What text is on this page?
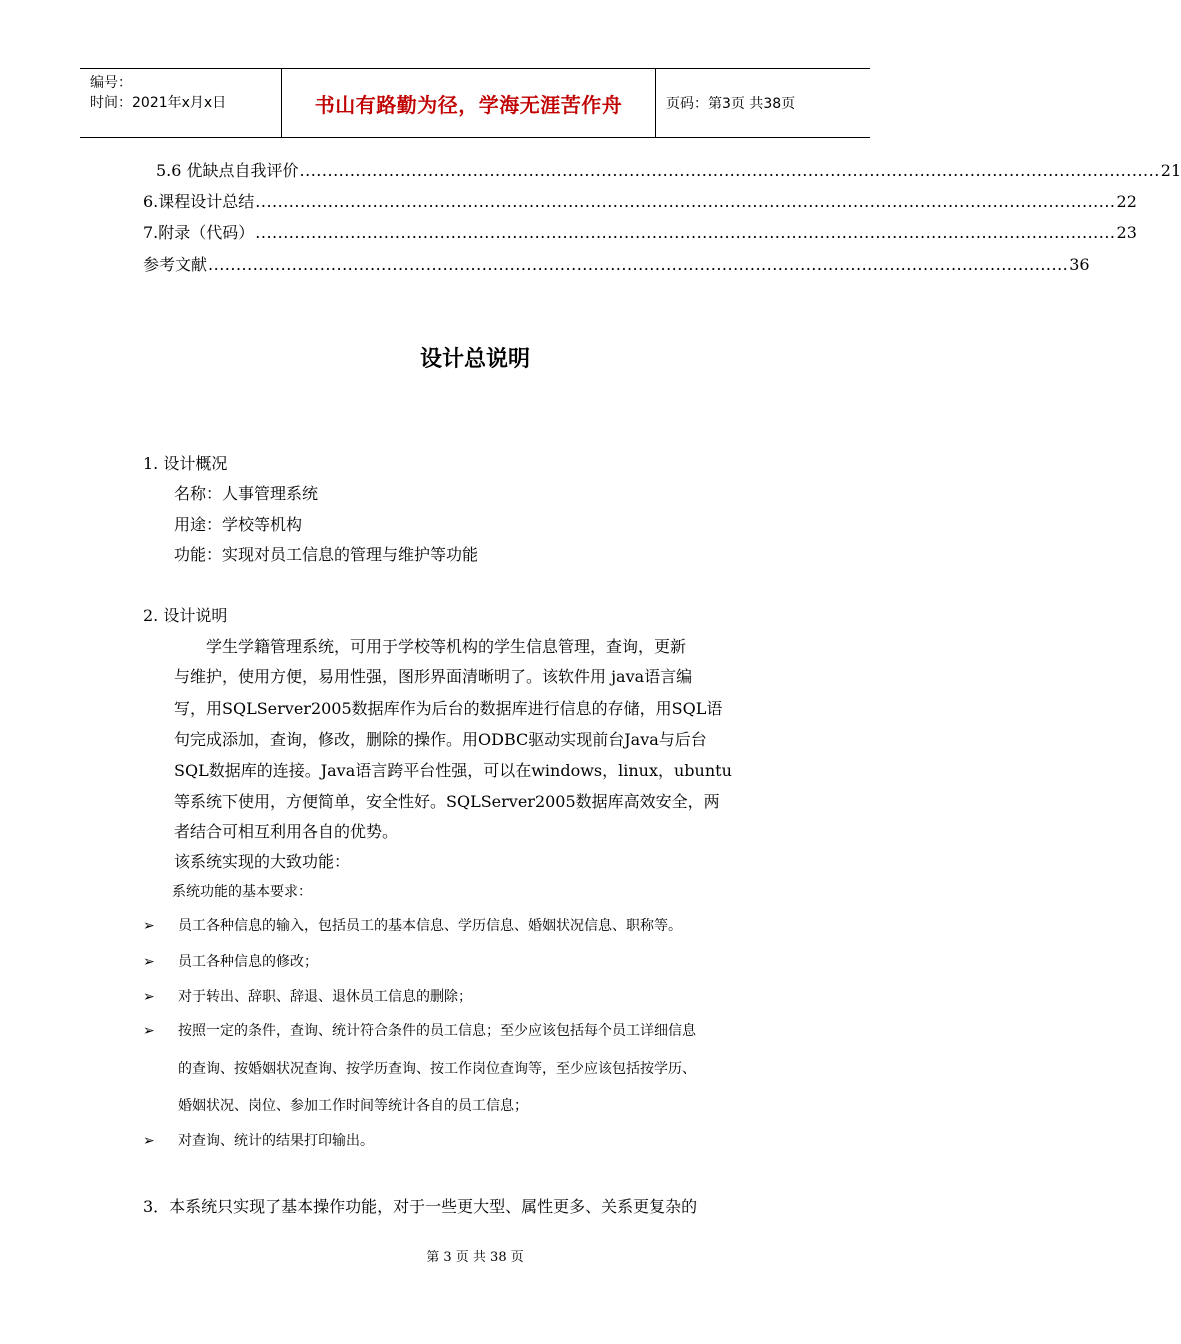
编号：
时间：2021年x月x日	书山有路勤为径，学海无涯苦作舟	页码：第3页 共38页
5.6 优缺点自我评价 .......................................................................................................................................................... 21
6.课程设计总结 .......................................................................................................................................................... 22
7.附录（代码） .......................................................................................................................................................... 23
参考文献 .......................................................................................................................................................... 36
设计总说明
1. 设计概况
名称：人事管理系统
用途：学校等机构
功能：实现对员工信息的管理与维护等功能
2. 设计说明
学生学籍管理系统，可用于学校等机构的学生信息管理，查询，更新
与维护，使用方便，易用性强，图形界面清晰明了。该软件用 java语言编
写，用SQLServer2005数据库作为后台的数据库进行信息的存储，用SQL语
句完成添加，查询，修改，删除的操作。用ODBC驱动实现前台Java与后台
SQL数据库的连接。Java语言跨平台性强，可以在windows，linux，ubuntu
等系统下使用，方便简单，安全性好。SQLServer2005数据库高效安全，两
者结合可相互利用各自的优势。
该系统实现的大致功能：
系统功能的基本要求：
➢ 员工各种信息的输入，包括员工的基本信息、学历信息、婚姻状况信息、职称等。
➢ 员工各种信息的修改；
➢ 对于转出、辞职、辞退、退休员工信息的删除；
➢ 按照一定的条件，查询、统计符合条件的员工信息；至少应该包括每个员工详细信息
的查询、按婚姻状况查询、按学历查询、按工作岗位查询等，至少应该包括按学历、
婚姻状况、岗位、参加工作时间等统计各自的员工信息；
➢ 对查询、统计的结果打印输出。
3．本系统只实现了基本操作功能，对于一些更大型、属性更多、关系更复杂的
第 3 页 共 38 页
